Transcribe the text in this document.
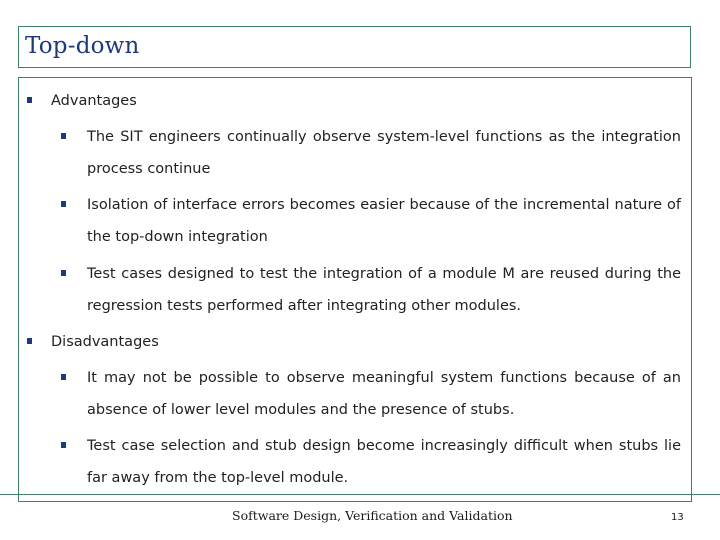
Top-down
Advantages
The SIT engineers continually observe system-level functions as the integration process continue
Isolation of interface errors becomes easier because of the incremental nature of the top-down integration
Test cases designed to test the integration of a module M are reused during the regression tests performed after integrating other modules.
Disadvantages
It may not be possible to observe meaningful system functions because of an absence of lower level modules and the presence of stubs.
Test case selection and stub design become increasingly difficult when stubs lie far away from the top-level module.
Software Design, Verification and Validation	13
